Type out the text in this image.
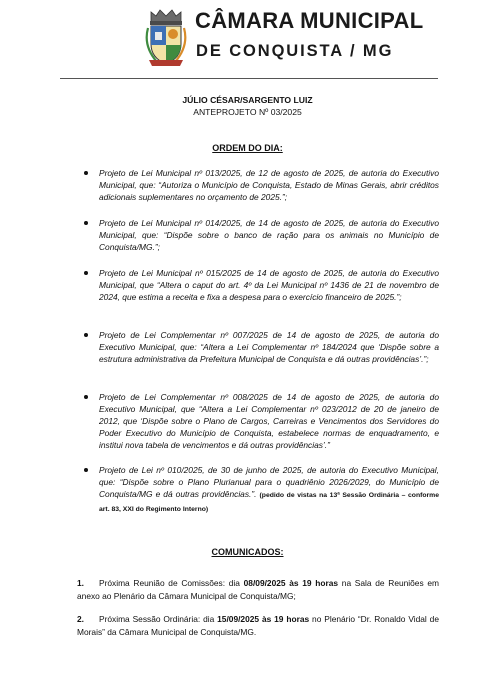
CÂMARA MUNICIPAL
DE CONQUISTA / MG
JÚLIO CÉSAR/SARGENTO LUIZ
ANTEPROJETO Nº 03/2025
ORDEM DO DIA:
Projeto de Lei Municipal nº 013/2025, de 12 de agosto de 2025, de autoria do Executivo Municipal, que: “Autoriza o Município de Conquista, Estado de Minas Gerais, abrir créditos adicionais suplementares no orçamento de 2025.”;
Projeto de Lei Municipal nº 014/2025, de 14 de agosto de 2025, de autoria do Executivo Municipal, que: “Dispõe sobre o banco de ração para os animais no Município de Conquista/MG.”;
Projeto de Lei Municipal nº 015/2025 de 14 de agosto de 2025, de autoria do Executivo Municipal, que “Altera o caput do art. 4º da Lei Municipal nº 1436 de 21 de novembro de 2024, que estima a receita e fixa a despesa para o exercício financeiro de 2025.”;
Projeto de Lei Complementar nº 007/2025 de 14 de agosto de 2025, de autoria do Executivo Municipal, que: “Altera a Lei Complementar nº 184/2024 que ‘Dispõe sobre a estrutura administrativa da Prefeitura Municipal de Conquista e dá outras providências’.”;
Projeto de Lei Complementar nº 008/2025 de 14 de agosto de 2025, de autoria do Executivo Municipal, que “Altera a Lei Complementar nº 023/2012 de 20 de janeiro de 2012, que ‘Dispõe sobre o Plano de Cargos, Carreiras e Vencimentos dos Servidores do Poder Executivo do Município de Conquista, estabelece normas de enquadramento, e institui nova tabela de vencimentos e dá outras providências’.”
Projeto de Lei nº 010/2025, de 30 de junho de 2025, de autoria do Executivo Municipal, que: “Dispõe sobre o Plano Plurianual para o quadriênio 2026/2029, do Município de Conquista/MG e dá outras providências.”. (pedido de vistas na 13ª Sessão Ordinária – conforme art. 83, XXI do Regimento Interno)
COMUNICADOS:
1. Próxima Reunião de Comissões: dia 08/09/2025 às 19 horas na Sala de Reuniões em anexo ao Plenário da Câmara Municipal de Conquista/MG;
2. Próxima Sessão Ordinária: dia 15/09/2025 às 19 horas no Plenário “Dr. Ronaldo Vidal de Morais” da Câmara Municipal de Conquista/MG.
